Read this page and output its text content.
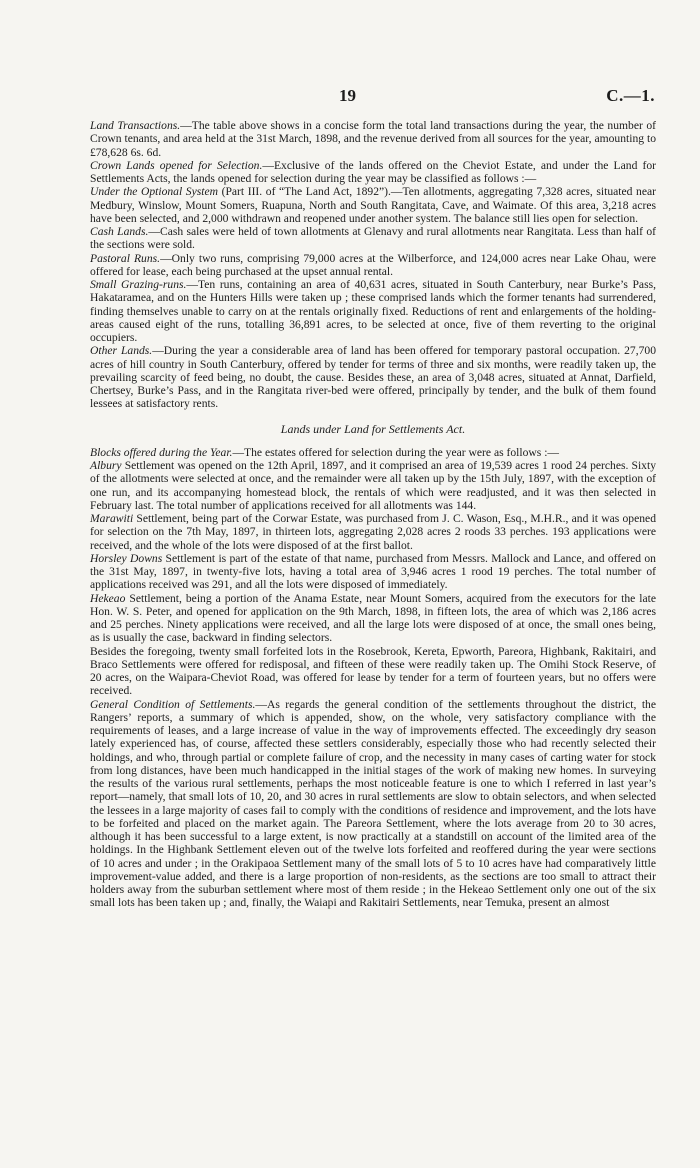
19	C.—1.

Land Transactions.—The table above shows in a concise form the total land transactions during the year, the number of Crown tenants, and area held at the 31st March, 1898, and the revenue derived from all sources for the year, amounting to £78,628 6s. 6d.

Crown Lands opened for Selection.—Exclusive of the lands offered on the Cheviot Estate, and under the Land for Settlements Acts, the lands opened for selection during the year may be classified as follows :—

Under the Optional System (Part III. of “The Land Act, 1892”).—Ten allotments, aggregating 7,328 acres, situated near Medbury, Winslow, Mount Somers, Ruapuna, North and South Rangitata, Cave, and Waimate. Of this area, 3,218 acres have been selected, and 2,000 withdrawn and reopened under another system. The balance still lies open for selection.

Cash Lands.—Cash sales were held of town allotments at Glenavy and rural allotments near Rangitata. Less than half of the sections were sold.

Pastoral Runs.—Only two runs, comprising 79,000 acres at the Wilberforce, and 124,000 acres near Lake Ohau, were offered for lease, each being purchased at the upset annual rental.

Small Grazing-runs.—Ten runs, containing an area of 40,631 acres, situated in South Canterbury, near Burke’s Pass, Hakataramea, and on the Hunters Hills were taken up ; these comprised lands which the former tenants had surrendered, finding themselves unable to carry on at the rentals originally fixed. Reductions of rent and enlargements of the holding-areas caused eight of the runs, totalling 36,891 acres, to be selected at once, five of them reverting to the original occupiers.

Other Lands.—During the year a considerable area of land has been offered for temporary pastoral occupation. 27,700 acres of hill country in South Canterbury, offered by tender for terms of three and six months, were readily taken up, the prevailing scarcity of feed being, no doubt, the cause. Besides these, an area of 3,048 acres, situated at Annat, Darfield, Chertsey, Burke’s Pass, and in the Rangitata river-bed were offered, principally by tender, and the bulk of them found lessees at satisfactory rents.

Lands under Land for Settlements Act.

Blocks offered during the Year.—The estates offered for selection during the year were as follows :—

Albury Settlement was opened on the 12th April, 1897, and it comprised an area of 19,539 acres 1 rood 24 perches. Sixty of the allotments were selected at once, and the remainder were all taken up by the 15th July, 1897, with the exception of one run, and its accompanying homestead block, the rentals of which were readjusted, and it was then selected in February last. The total number of applications received for all allotments was 144.

Marawiti Settlement, being part of the Corwar Estate, was purchased from J. C. Wason, Esq., M.H.R., and it was opened for selection on the 7th May, 1897, in thirteen lots, aggregating 2,028 acres 2 roods 33 perches. 193 applications were received, and the whole of the lots were disposed of at the first ballot.

Horsley Downs Settlement is part of the estate of that name, purchased from Messrs. Mallock and Lance, and offered on the 31st May, 1897, in twenty-five lots, having a total area of 3,946 acres 1 rood 19 perches. The total number of applications received was 291, and all the lots were disposed of immediately.

Hekeao Settlement, being a portion of the Anama Estate, near Mount Somers, acquired from the executors for the late Hon. W. S. Peter, and opened for application on the 9th March, 1898, in fifteen lots, the area of which was 2,186 acres and 25 perches. Ninety applications were received, and all the large lots were disposed of at once, the small ones being, as is usually the case, backward in finding selectors.

Besides the foregoing, twenty small forfeited lots in the Rosebrook, Kereta, Epworth, Pareora, Highbank, Rakitairi, and Braco Settlements were offered for redisposal, and fifteen of these were readily taken up. The Omihi Stock Reserve, of 20 acres, on the Waipara-Cheviot Road, was offered for lease by tender for a term of fourteen years, but no offers were received.

General Condition of Settlements.—As regards the general condition of the settlements throughout the district, the Rangers’ reports, a summary of which is appended, show, on the whole, very satisfactory compliance with the requirements of leases, and a large increase of value in the way of improvements effected. The exceedingly dry season lately experienced has, of course, affected these settlers considerably, especially those who had recently selected their holdings, and who, through partial or complete failure of crop, and the necessity in many cases of carting water for stock from long distances, have been much handicapped in the initial stages of the work of making new homes. In surveying the results of the various rural settlements, perhaps the most noticeable feature is one to which I referred in last year’s report—namely, that small lots of 10, 20, and 30 acres in rural settlements are slow to obtain selectors, and when selected the lessees in a large majority of cases fail to comply with the conditions of residence and improvement, and the lots have to be forfeited and placed on the market again. The Pareora Settlement, where the lots average from 20 to 30 acres, although it has been successful to a large extent, is now practically at a standstill on account of the limited area of the holdings. In the Highbank Settlement eleven out of the twelve lots forfeited and reoffered during the year were sections of 10 acres and under ; in the Orakipaoa Settlement many of the small lots of 5 to 10 acres have had comparatively little improvement-value added, and there is a large proportion of non-residents, as the sections are too small to attract their holders away from the suburban settlement where most of them reside ; in the Hekeao Settlement only one out of the six small lots has been taken up ; and, finally, the Waiapi and Rakitairi Settlements, near Temuka, present an almost
